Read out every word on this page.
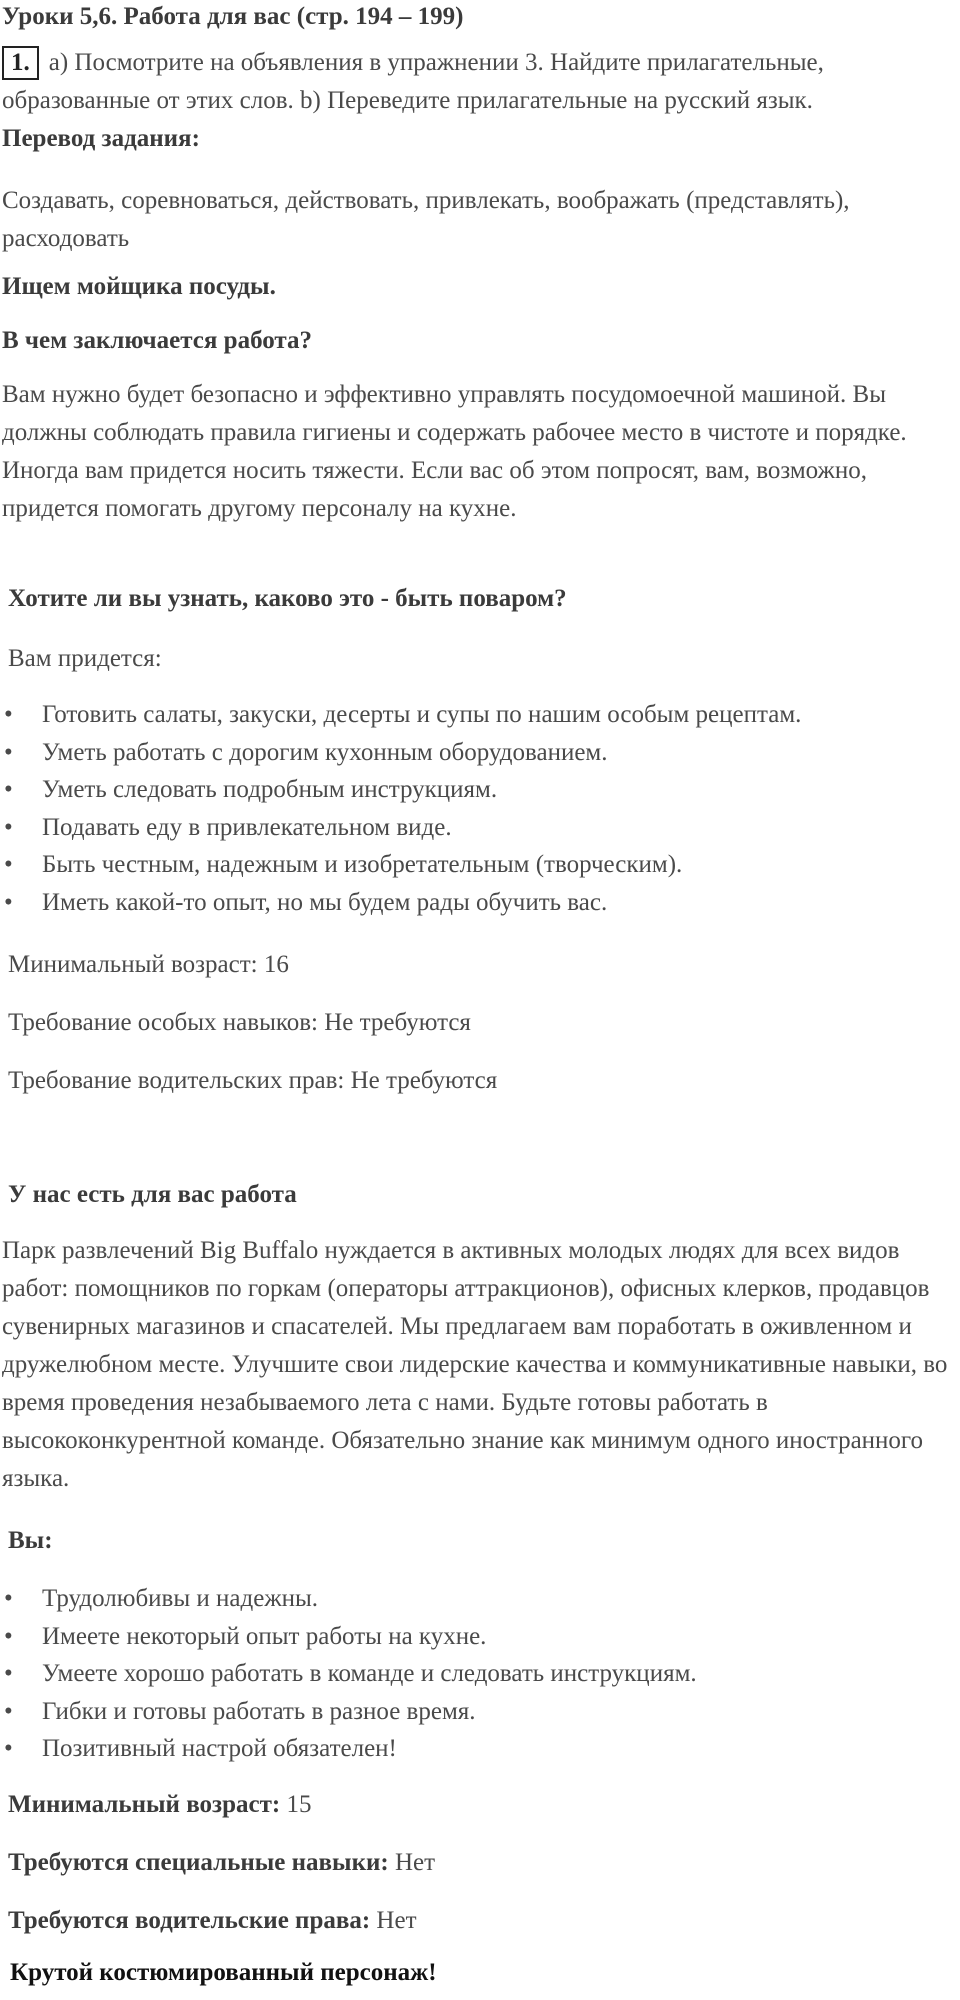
Уроки 5,6. Работа для вас (стр. 194 – 199)
1. a) Посмотрите на объявления в упражнении 3. Найдите прилагательные, образованные от этих слов. b) Переведите прилагательные на русский язык.
Перевод задания:
Создавать, соревноваться, действовать, привлекать, воображать (представлять), расходовать
Ищем мойщика посуды.
В чем заключается работа?
Вам нужно будет безопасно и эффективно управлять посудомоечной машиной. Вы должны соблюдать правила гигиены и содержать рабочее место в чистоте и порядке. Иногда вам придется носить тяжести. Если вас об этом попросят, вам, возможно, придется помогать другому персоналу на кухне.
Хотите ли вы узнать, каково это - быть поваром?
Вам придется:
• Готовить салаты, закуски, десерты и супы по нашим особым рецептам.
• Уметь работать с дорогим кухонным оборудованием.
• Уметь следовать подробным инструкциям.
• Подавать еду в привлекательном виде.
• Быть честным, надежным и изобретательным (творческим).
• Иметь какой-то опыт, но мы будем рады обучить вас.
Минимальный возраст: 16
Требование особых навыков: Не требуются
Требование водительских прав: Не требуются
У нас есть для вас работа
Парк развлечений Big Buffalo нуждается в активных молодых людях для всех видов работ: помощников по горкам (операторы аттракционов), офисных клерков, продавцов сувенирных магазинов и спасателей. Мы предлагаем вам поработать в оживленном и дружелюбном месте. Улучшите свои лидерские качества и коммуникативные навыки, во время проведения незабываемого лета с нами. Будьте готовы работать в высококонкурентной команде. Обязательно знание как минимум одного иностранного языка.
Вы:
• Трудолюбивы и надежны.
• Имеете некоторый опыт работы на кухне.
• Умеете хорошо работать в команде и следовать инструкциям.
• Гибки и готовы работать в разное время.
• Позитивный настрой обязателен!
Минимальный возраст: 15
Требуются специальные навыки: Нет
Требуются водительские права: Нет
Крутой костюмированный персонаж!
